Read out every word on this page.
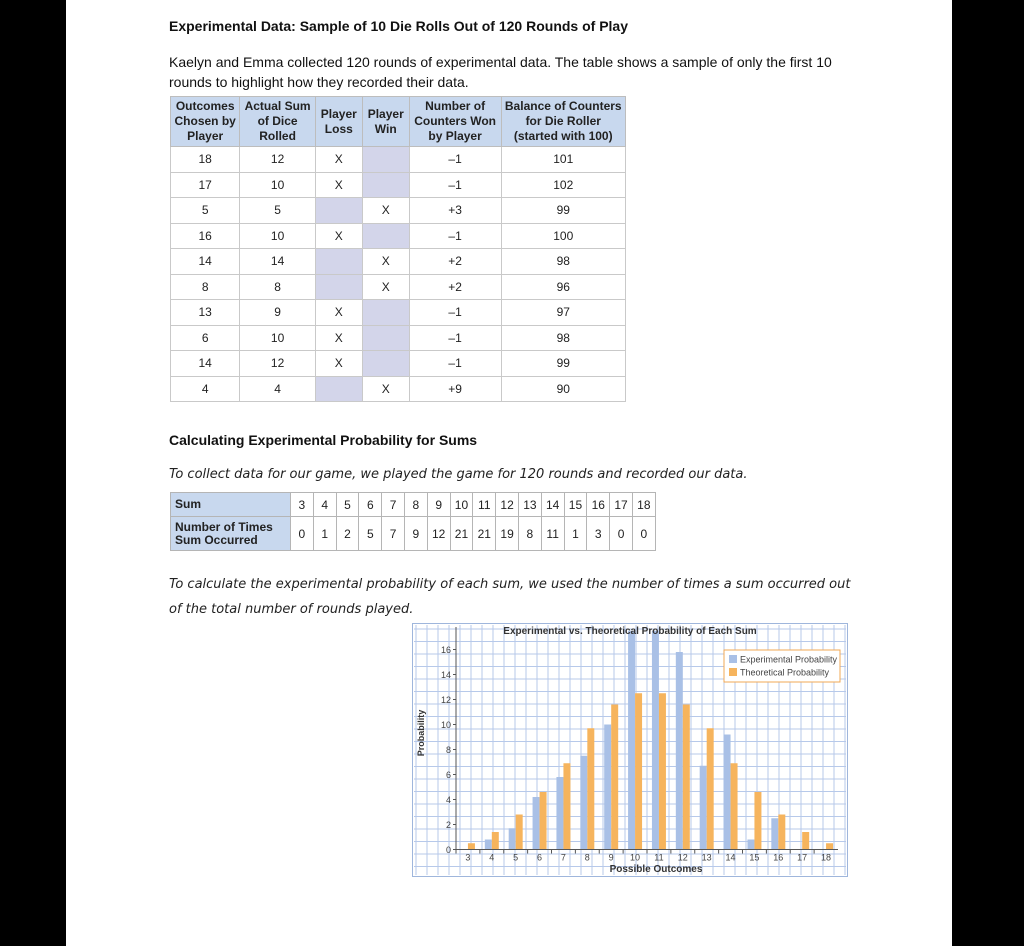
Experimental Data: Sample of 10 Die Rolls Out of 120 Rounds of Play
Kaelyn and Emma collected 120 rounds of experimental data. The table shows a sample of only the first 10 rounds to highlight how they recorded their data.
Outcomes Chosen by Player	Actual Sum of Dice Rolled	Player Loss	Player Win	Number of Counters Won by Player	Balance of Counters for Die Roller (started with 100)
18	12	X		–1	101
17	10	X		–1	102
5	5		X	+3	99
16	10	X		–1	100
14	14		X	+2	98
8	8		X	+2	96
13	9	X		–1	97
6	10	X		–1	98
14	12	X		–1	99
4	4		X	+9	90
Calculating Experimental Probability for Sums
To collect data for our game, we played the game for 120 rounds and recorded our data.
Sum	3	4	5	6	7	8	9	10	11	12	13	14	15	16	17	18
Number of Times Sum Occurred	0	1	2	5	7	9	12	21	21	19	8	11	1	3	0	0
To calculate the experimental probability of each sum, we used the number of times a sum occurred out of the total number of rounds played.
0
2
4
6
8
10
12
14
16
3 4 5 6 7 8 9 10 11 12 13 14 15 16 17 18
Experimental vs. Theoretical Probability of Each Sum
Possible Outcomes
Probability
Experimental Probability
Theoretical Probability
